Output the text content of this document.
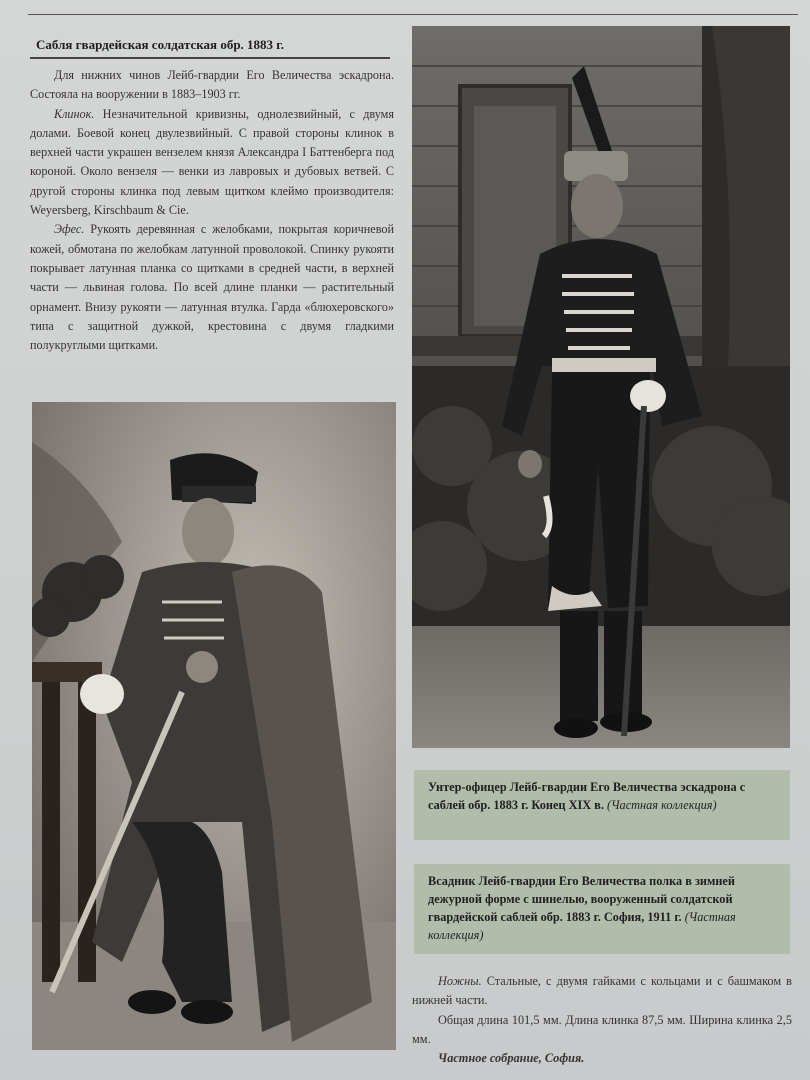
Сабля гвардейская солдатская обр. 1883 г.

Для нижних чинов Лейб-гвардии Его Величества эскадрона. Состояла на вооружении в 1883–1903 гг.

Клинок. Незначительной кривизны, однолезвийный, с двумя долами. Боевой конец двулезвийный. С правой стороны клинок в верхней части украшен вензелем князя Александра I Баттенберга под короной. Около вензеля — венки из лавровых и дубовых ветвей. С другой стороны клинка под левым щитком клеймо производителя: Weyersberg, Kirschbaum & Cie.

Эфес. Рукоять деревянная с желобками, покрытая коричневой кожей, обмотана по желобкам латунной проволокой. Спинку рукояти покрывает латунная планка со щитками в средней части, в верхней части — львиная голова. По всей длине планки — растительный орнамент. Внизу рукояти — латунная втулка. Гарда «блюхеровского» типа с защитной дужкой, крестовина с двумя гладкими полукруглыми щитками.

Унтер-офицер Лейб-гвардии Его Величества эскадрона с саблей обр. 1883 г. Конец XIX в. (Частная коллекция)
Всадник Лейб-гвардии Его Величества полка в зимней дежурной форме с шинелью, вооруженный солдатской гвардейской саблей обр. 1883 г. София, 1911 г. (Частная коллекция)

Ножны. Стальные, с двумя гайками с кольцами и с башмаком в нижней части.

Общая длина 101,5 мм. Длина клинка 87,5 мм. Ширина клинка 2,5 мм.

Частное собрание, София.
